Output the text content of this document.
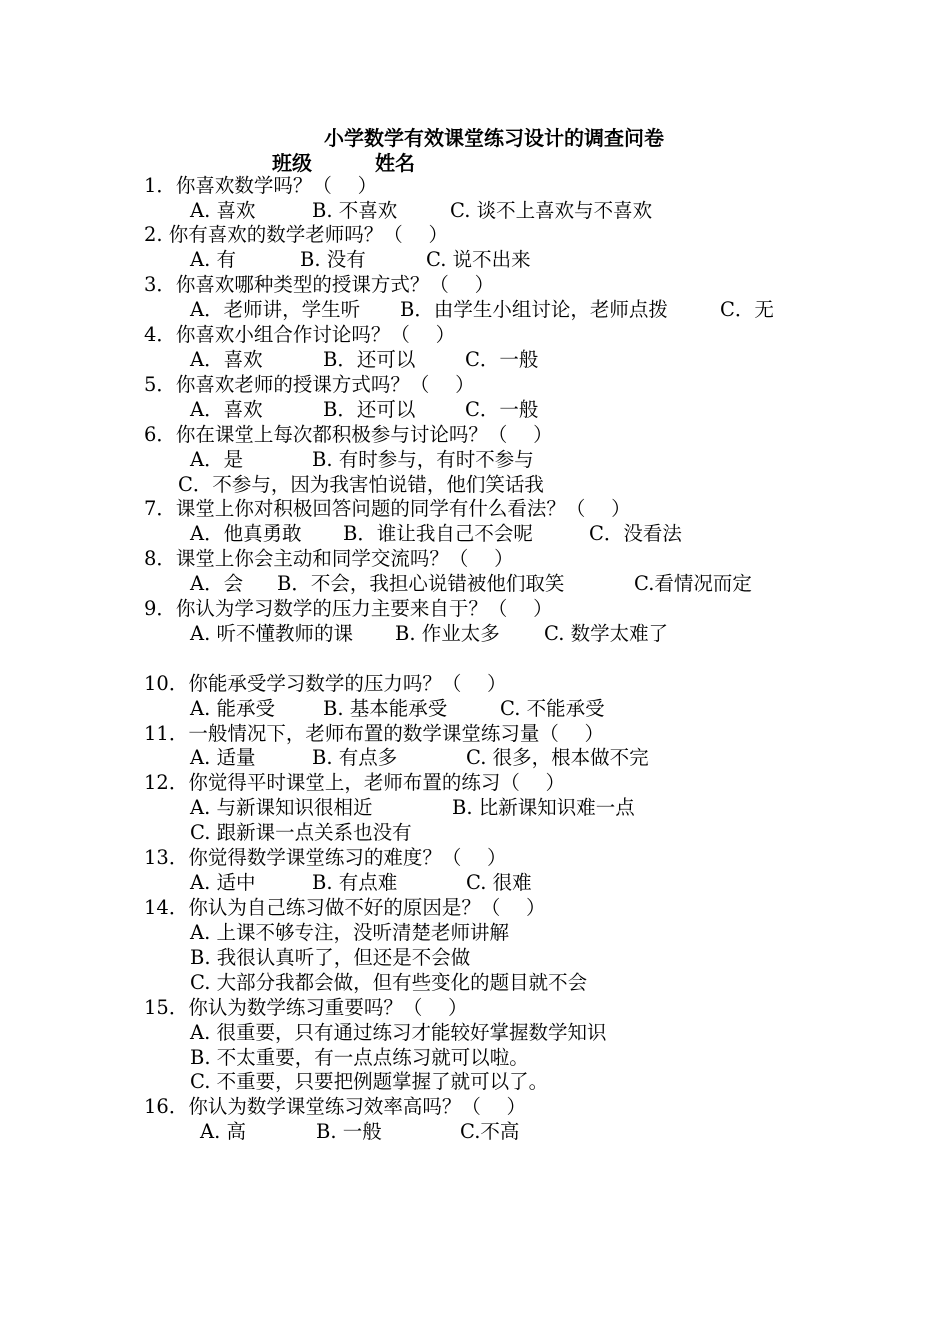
小学数学有效课堂练习设计的调查问卷
班级	姓名
1．你喜欢数学吗？（　 ）
A. 喜欢	B. 不喜欢	C. 谈不上喜欢与不喜欢
2. 你有喜欢的数学老师吗？（　 ）
A. 有	B. 没有	C. 说不出来
3．你喜欢哪种类型的授课方式？（　 ）
A．老师讲，学生听 B．由学生小组讨论，老师点拨	C．无
4．你喜欢小组合作讨论吗？（　 ）
A．喜欢	B．还可以	C．一般
5．你喜欢老师的授课方式吗？（　 ）
A．喜欢	B．还可以	C．一般
6．你在课堂上每次都积极参与讨论吗？（　 ）
A．是	B. 有时参与，有时不参与
C．不参与，因为我害怕说错，他们笑话我
7．课堂上你对积极回答问题的同学有什么看法？（　 ）
A．他真勇敢 B．谁让我自己不会呢	C．没看法
8．课堂上你会主动和同学交流吗？（　 ）
A．会 B．不会，我担心说错被他们取笑	C.看情况而定
9．你认为学习数学的压力主要来自于？（　 ）
A. 听不懂教师的课 B. 作业太多 C. 数学太难了
10．你能承受学习数学的压力吗？（　 ）
A. 能承受 B. 基本能承受	C. 不能承受
11．一般情况下，老师布置的数学课堂练习量（　 ）
A. 适量	B. 有点多	C. 很多，根本做不完
12．你觉得平时课堂上，老师布置的练习（　 ）
A. 与新课知识很相近	B. 比新课知识难一点
C. 跟新课一点关系也没有
13．你觉得数学课堂练习的难度？（　 ）
A. 适中	B. 有点难	C. 很难
14．你认为自己练习做不好的原因是？（　 ）
A. 上课不够专注，没听清楚老师讲解
B. 我很认真听了，但还是不会做
C. 大部分我都会做，但有些变化的题目就不会
15．你认为数学练习重要吗？（　 ）
A. 很重要，只有通过练习才能较好掌握数学知识
B. 不太重要，有一点点练习就可以啦。
C. 不重要，只要把例题掌握了就可以了。
16．你认为数学课堂练习效率高吗？（　 ）
A. 高	B. 一般	C.不高
